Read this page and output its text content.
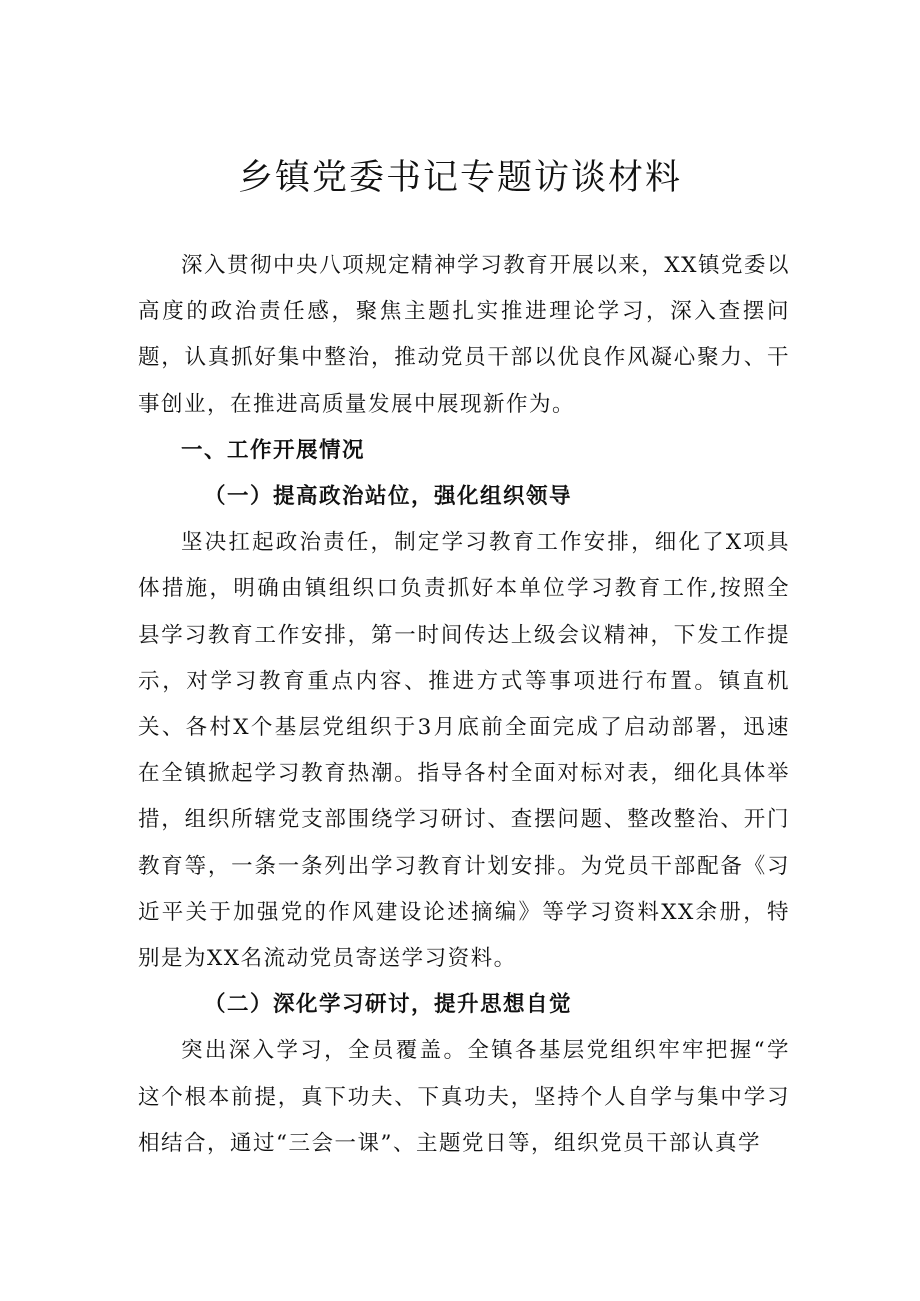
乡镇党委书记专题访谈材料

深入贯彻中央八项规定精神学习教育开展以来，XX镇党委以高度的政治责任感，聚焦主题扎实推进理论学习，深入查摆问题，认真抓好集中整治，推动党员干部以优良作风凝心聚力、干事创业，在推进高质量发展中展现新作为。

一、工作开展情况

（一）提高政治站位，强化组织领导

坚决扛起政治责任，制定学习教育工作安排，细化了X项具体措施，明确由镇组织口负责抓好本单位学习教育工作,按照全县学习教育工作安排，第一时间传达上级会议精神，下发工作提示，对学习教育重点内容、推进方式等事项进行布置。镇直机关、各村X个基层党组织于3月底前全面完成了启动部署，迅速在全镇掀起学习教育热潮。指导各村全面对标对表，细化具体举措，组织所辖党支部围绕学习研讨、查摆问题、整改整治、开门教育等，一条一条列出学习教育计划安排。为党员干部配备《习近平关于加强党的作风建设论述摘编》等学习资料XX余册，特别是为XX名流动党员寄送学习资料。

（二）深化学习研讨，提升思想自觉

突出深入学习，全员覆盖。全镇各基层党组织牢牢把握“学这个根本前提，真下功夫、下真功夫，坚持个人自学与集中学习相结合，通过“三会一课”、主题党日等，组织党员干部认真学
